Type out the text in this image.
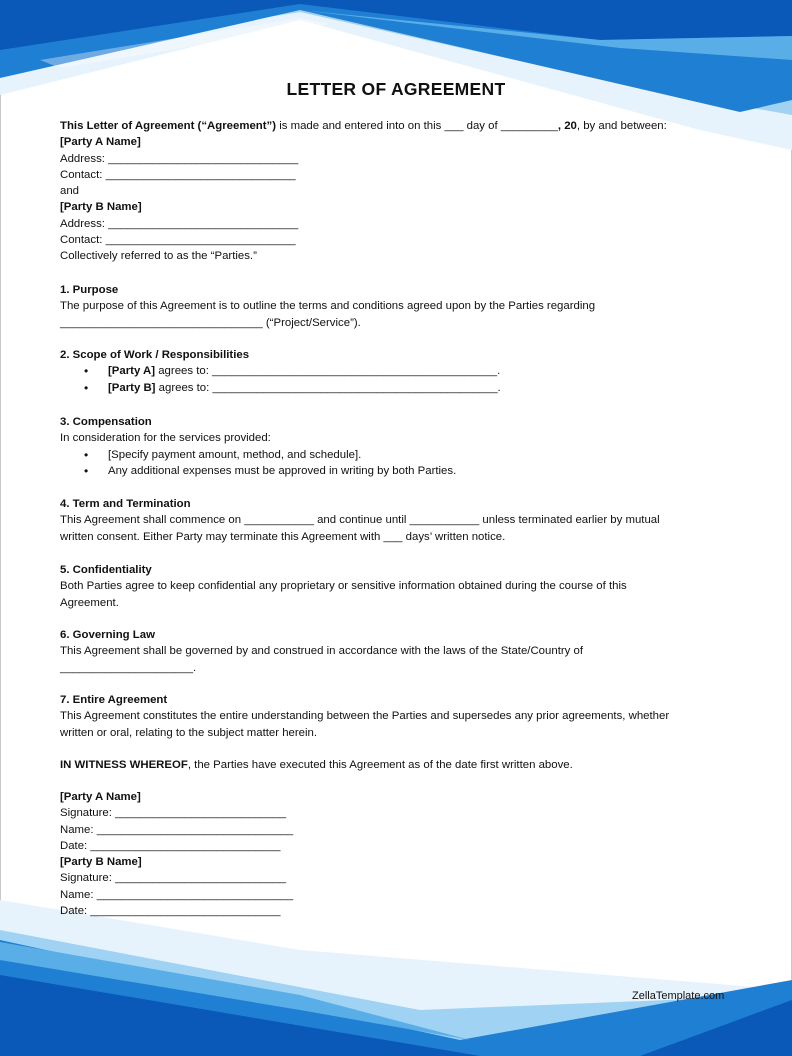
LETTER OF AGREEMENT
This Letter of Agreement (“Agreement”) is made and entered into on this ___ day of _________, 20, by and between:
[Party A Name]
Address: ______________________________
Contact: ______________________________
and
[Party B Name]
Address: ______________________________
Contact: ______________________________
Collectively referred to as the “Parties.”
1. Purpose
The purpose of this Agreement is to outline the terms and conditions agreed upon by the Parties regarding
________________________________ (“Project/Service”).
2. Scope of Work / Responsibilities
• [Party A] agrees to: _____________________________________________.
• [Party B] agrees to: _____________________________________________.
3. Compensation
In consideration for the services provided:
• [Specify payment amount, method, and schedule].
• Any additional expenses must be approved in writing by both Parties.
4. Term and Termination
This Agreement shall commence on ___________ and continue until ___________ unless terminated earlier by mutual
written consent. Either Party may terminate this Agreement with ___ days’ written notice.
5. Confidentiality
Both Parties agree to keep confidential any proprietary or sensitive information obtained during the course of this
Agreement.
6. Governing Law
This Agreement shall be governed by and construed in accordance with the laws of the State/Country of
_____________________.
7. Entire Agreement
This Agreement constitutes the entire understanding between the Parties and supersedes any prior agreements, whether
written or oral, relating to the subject matter herein.
IN WITNESS WHEREOF, the Parties have executed this Agreement as of the date first written above.
[Party A Name]
Signature: ___________________________
Name: _______________________________
Date: ______________________________
[Party B Name]
Signature: ___________________________
Name: _______________________________
Date: ______________________________
ZellaTemplate.com
